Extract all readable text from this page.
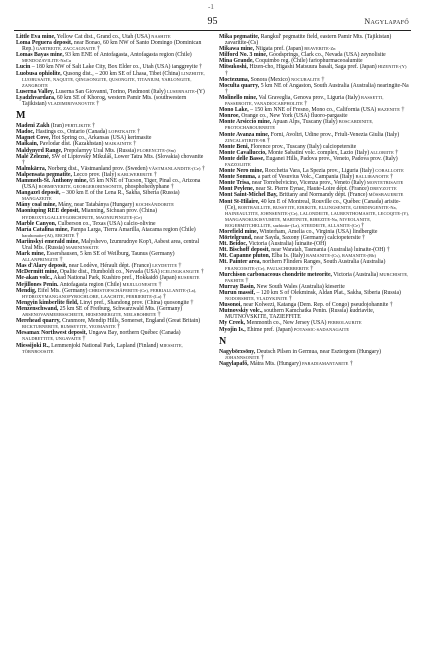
-1
95	Nagylapafő

Little Eva mine, Yellow Cat dist., Grand co., Utah (USA) NASHITE

Loma Peguera deposit, near Bonao, 60 km NW of Santo Domingo (Dominican Rep.) GARTREITE, ZACCAGNAITE †

Lomas Bayas mine, 93 km ENE of Antofagasta, Antofagasta region (Chile) MENDOZAVILITE-NaCu

Lucin – 180 km NW of Salt Lake City, Box Elder co., Utah (USA) ianggreyite †

Luobusa ophiolite, Qusong dist., – 200 km SE of Lhasa, Tibet (China) LINZHIITE, LUOBUSAITE, NAQUITE, QINGSONGITE, QUSONGITE, TITANIUM, YARLONGITE, ZANGBOITE

Luserna Valley, Luserna San Giovanni, Torino, Piedmont (Italy) LUSERNAITE-(Y)

Lyadzhvardara, 60 km SE of Khorog, western Pamir Mts. (southwestern Tajikistan) VLADIMIRIVANOVITE †

M

Madeni Zakh (Iran) PERTLIKITE †

Madoc, Hastings co., Ontario (Canada) LOPATKAITE †

Magnet Cove, Hot Spring co., Arkansas (USA) kerimasite

Maikain, Pavlodar dist. (Kazakhstan) MAIKAINITE †

Maldynyrd Range, Prepolarnyy Ural Mts. (Russia) FLORENCITE-(Sm)

Malé Železné, SW of Liptovský Mikuláš, Lower Tatra Mts. (Slovakia) chovanite †

Malmkärra, Norberg dist., Västmanland prov. (Sweden) VÄSTMANLANDITE-(Ce) †

Malpensata pegmatite, Lecco prov. (Italy) KARLWEBERITE †

Mammoth-St. Anthony mine, 65 km NNE of Tucson, Tiger, Pinal co., Arizona (USA) BOBMEYERITE, GEORGEROBINSONITE, phosphohedyphane †

Mangazeї deposit, – 300 km E of the Lena R., Sakha, Siberia (Russia) MANGAZEITE

Mány coal mine, Mány, near Tatabánya (Hungary) KOCHSÁNDORITE

Maoniuping REE deposit, Mianning, Sichuan prov. (China) HYDROXYLGALLEYGORCHINITE, MAONIUPINGITE-(Ce)

Marble Canyon, Culberson co., Texas (USA) calcio-olivine

María Catalina mine, Pampa Larga, Tierra Amarilla, Atacama region (Chile) barahonaite-(Al), ERCHITE †

Mariinskyi emerald mine, Malyshevo, Izumrudnye Kop'i, Asbest area, central Ural Mts. (Russia) MARININSKITE

Mark mine, Essershausen, 5 km SE of Weilburg, Taunus (Germany) ALLANPRINGITE †

Mas d'Alary deposit, near Lodève, Hérault dépt. (France) LEYDETITE †

McDermitt mine, Opalite dist., Humboldt co., Nevada (USA) ICELINGKANGITE †

Me-akan volc., Akad National Park, Kushiro pref., Hokkaidō (Japan) RUSERITE

Mejillones Penin. Antofagasta region (Chile) MEJILLONESITE †

Mendig, Eifel Mts. (Germany) CHRISTOFSCHÄFERITE-(Ce), FERRIALLANITE-(La), HYDROXYMANGANOPYROCHLORE, LAACHITE, PERRIERITE-(La) †

Mengyin kimberlite field, Linyi pref., Shandong prov. (China) quosongite †

Menzenschwand, 25 km SE of Freiburg, Schwarzwald Mts. (Germany) ARSENOVANMEERSSCHEITE, HEISENBERGITE, NIELSBOHRITE †

Merehead quarry, Cranmore, Mendip Hills, Somerset, England (Great Britain) RICKTURNERITE, RUMSEYITE, YEOMANITE †

Mesamax Northwest deposit, Ungava Bay, northern Québec (Canada) NALDRETTITE, UNGAVAITE †

Miessijoki R., Lemmenjoki National Park, Lapland (Finland) MIESSIITE, TÖRNROOSITE

Mika pegmatite, Rangkul' pegmatite field, eastern Pamir Mts. (Tajikistan) zavaritite-(Cs)

Mikawa mine, Niigata pref. (Japan) BEAVERITE-Zn

Milford No. 3 mine, Goodsprings, Clark co., Nevada (USA) zeynolisite

Mina Grande, Coquimbo reg. (Chile) fariophurmaceoalumite

Mitsukoshi, Hizen-cho, Higashi Matsuura basalt, Saga pref. (Japan) HIZENITE-(Y) †

Moctezuma, Sonora (Mexico) NOCURALITE †

Moculta quarry, 5 km NE of Angaston, South Australia (Australia) nearingite-Na †

Molinello mine, Val Graveglia, Genova prov., Liguria (Italy) BASSETTI, PASSEROITE, VANADIOCARPHOLITE †

Mono Lake, – 150 km NNE of Fresno, Mono co., California (USA) HAZENITE †

Monroe, Orange co., New York (USA) fluoro-pargasite

Monte Arsiccio mine, Apuan Alps, Tuscany (Italy) BOSCARDINITE, PROTOCHABOURNEITE

Monte Avanza mine, Forni, Avoltri, Udine prov., Friuli-Venezia Giulia (Italy) ZINCALSTIBITE-9R †

Monte Beni, Florence prov., Tuscany (Italy) calciopetersite

Monte Cavalluccio, Monte Sabatini volc. complex, Lazio (Italy) ALLORIITE †

Monte delle Basse, Euganei Hills, Padova prov., Veneto, Padova prov. (Italy) FAZZOLIITE

Monte Nero mine, Rocchetta Vara, La Spezia prov., Liguria (Italy) CORALLOITE

Monte Somma, a part of Vesuvius Volc., Campania (Italy) BALLIRANOITE †

Monte Trisa, near Torrebelvicino, Vicenza prov., Veneto (Italy) MONTETRISAITE

Mont Peylene, near St. Pierre Eynac, Haute-Loire dépt. (France) DREYZOTTE

Mont Saint-Michel Bay, Brittany and Normandy dépt. (France) MÖSSBAUERITE

Mont St-Hilaire, 40 km E of Montreal, Rouville co., Québec (Canada) arisite-(Ce), BOBTRAILLITE, BUSSYITE, EIRIKITE, ELLINGSENITE, GJERDINGENITE-Na, HAINEAULTITE, JOHNSENITE-(Ce), LALONDEITE, LAURENTHOMASITE, LECOQITE-(Y), MANGANOKUKISVUMITE, MARTINITE, RIBEZITE-Na, NIVEOLANITE, ROGERMITCHELLITE, sazhinite-(La), STEEDEITE, ALLANITE-(Ce) †

Morefield mine, Winterham, Amelia co., Virginia (USA) lindbergite

Mörtelgrund, near Sayda, Saxony (Germany) calciopetersite †

Mt. Beidoc, Victoria (Australia) luinaite-(OH)

Mt. Bischoff deposit, near Waratah, Tasmania (Australia) luinaite-(OH) †

Mt. Capanne pluton, Elba Is. (Italy) RAMANITE-(Cs), RAMANITE-(Rb)

Mt. Painter area, northern Flinders Ranges, South Australia (Australia) FRANCOISITE-(Ce), PAULSCHERRERITE †

Murchison carbonaceous chondrite meteorite, Victoria (Australia) MURCHISITE, PAKHITE †

Murray Basin, New South Wales (Australia) kieserite

Murun massif, – 120 km S of Olekminsk, Aldan Plat., Sakha, Siberia (Russia) NODORSHITE, VLADYKINITE †

Musonoi, near Kolwezi, Katanga (Dem. Rep. of Congo) pseudojohannite †

Mutnovskiy volc., southern Kamchatka Penin. (Russia) kudriavite, MUTNOVSKITE, TAZIEFFITE

My Creek, Menmonth co., New Jersey (USA) FERROLAURITE

Myojin Is., Ehime pref. (Japan) POTASSIC-SADANAGAITE

N

Nagybörzsöny, Deutsch Pilsen in Germua, near Esztergom (Hungary) JOHANNSONITE †

Nagylapafő, Mátra Mts. (Hungary) PARADIAMANTARITE †
